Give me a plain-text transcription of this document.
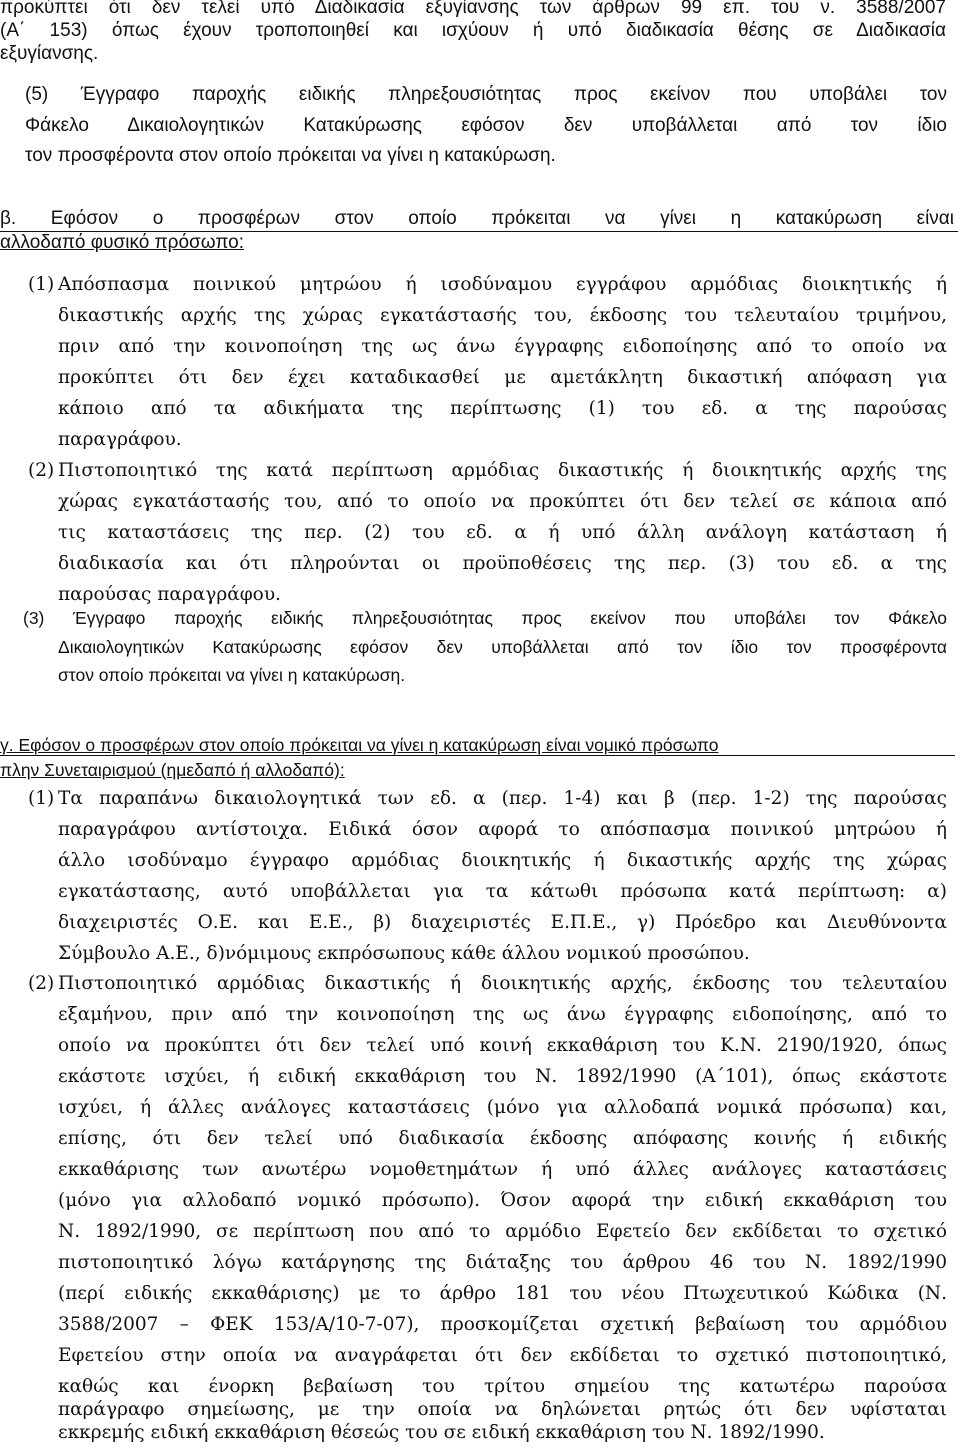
προκύπτει ότι δεν τελεί υπό Διαδικασία εξυγίανσης των άρθρων 99 επ. του ν. 3588/2007
(Α΄ 153) όπως έχουν τροποποιηθεί και ισχύουν ή υπό διαδικασία θέσης σε Διαδικασία
εξυγίανσης.
(5) Έγγραφο παροχής ειδικής πληρεξουσιότητας προς εκείνον που υποβάλει τον
Φάκελο Δικαιολογητικών Κατακύρωσης εφόσον δεν υποβάλλεται από τον ίδιο
τον προσφέροντα στον οποίο πρόκειται να γίνει η κατακύρωση.
β. Εφόσον ο προσφέρων στον οποίο πρόκειται να γίνει η κατακύρωση είναι
αλλοδαπό φυσικό πρόσωπο:
(1) Απόσπασμα ποινικού μητρώου ή ισοδύναμου εγγράφου αρμόδιας διοικητικής ή
δικαστικής αρχής της χώρας εγκατάστασής του, έκδοσης του τελευταίου τριμήνου,
πριν από την κοινοποίηση της ως άνω έγγραφης ειδοποίησης από το οποίο να
προκύπτει ότι δεν έχει καταδικασθεί με αμετάκλητη δικαστική απόφαση για
κάποιο από τα αδικήματα της περίπτωσης (1) του εδ. α της παρούσας
παραγράφου.
(2) Πιστοποιητικό της κατά περίπτωση αρμόδιας δικαστικής ή διοικητικής αρχής της
χώρας εγκατάστασής του, από το οποίο να προκύπτει ότι δεν τελεί σε κάποια από
τις καταστάσεις της περ. (2) του εδ. α ή υπό άλλη ανάλογη κατάσταση ή
διαδικασία και ότι πληρούνται οι προϋποθέσεις της περ. (3) του εδ. α της
παρούσας παραγράφου.
(3) Έγγραφο παροχής ειδικής πληρεξουσιότητας προς εκείνον που υποβάλει τον Φάκελο
Δικαιολογητικών Κατακύρωσης εφόσον δεν υποβάλλεται από τον ίδιο τον προσφέροντα
στον οποίο πρόκειται να γίνει η κατακύρωση.
γ. Εφόσον ο προσφέρων στον οποίο πρόκειται να γίνει η κατακύρωση είναι νομικό πρόσωπο
πλην Συνεταιρισμού (ημεδαπό ή αλλοδαπό):
(1) Τα παραπάνω δικαιολογητικά των εδ. α (περ. 1-4) και β (περ. 1-2) της παρούσας
παραγράφου αντίστοιχα. Ειδικά όσον αφορά το απόσπασμα ποινικού μητρώου ή
άλλο ισοδύναμο έγγραφο αρμόδιας διοικητικής ή δικαστικής αρχής της χώρας
εγκατάστασης, αυτό υποβάλλεται για τα κάτωθι πρόσωπα κατά περίπτωση: α)
διαχειριστές Ο.Ε. και Ε.Ε., β) διαχειριστές Ε.Π.Ε., γ) Πρόεδρο και Διευθύνοντα
Σύμβουλο Α.Ε., δ)νόμιμους εκπρόσωπους κάθε άλλου νομικού προσώπου.
(2) Πιστοποιητικό αρμόδιας δικαστικής ή διοικητικής αρχής, έκδοσης του τελευταίου
εξαμήνου, πριν από την κοινοποίηση της ως άνω έγγραφης ειδοποίησης, από το
οποίο να προκύπτει ότι δεν τελεί υπό κοινή εκκαθάριση του Κ.Ν. 2190/1920, όπως
εκάστοτε ισχύει, ή ειδική εκκαθάριση του Ν. 1892/1990 (Α΄101), όπως εκάστοτε
ισχύει, ή άλλες ανάλογες καταστάσεις (μόνο για αλλοδαπά νομικά πρόσωπα) και,
επίσης, ότι δεν τελεί υπό διαδικασία έκδοσης απόφασης κοινής ή ειδικής
εκκαθάρισης των ανωτέρω νομοθετημάτων ή υπό άλλες ανάλογες καταστάσεις
(μόνο για αλλοδαπό νομικό πρόσωπο). Όσον αφορά την ειδική εκκαθάριση του
Ν. 1892/1990, σε περίπτωση που από το αρμόδιο Εφετείο δεν εκδίδεται το σχετικό
πιστοποιητικό λόγω κατάργησης της διάταξης του άρθρου 46 του Ν. 1892/1990
(περί ειδικής εκκαθάρισης) με το άρθρο 181 του νέου Πτωχευτικού Κώδικα (Ν.
3588/2007 – ΦΕΚ 153/Α/10-7-07), προσκομίζεται σχετική βεβαίωση του αρμόδιου
Εφετείου στην οποία να αναγράφεται ότι δεν εκδίδεται το σχετικό πιστοποιητικό,
καθώς και ένορκη βεβαίωση του τρίτου σημείου της κατωτέρω παρούσα
παράγραφο σημείωσης, με την οποία να δηλώνεται ρητώς ότι δεν υφίσταται
εκκρεμής ειδική εκκαθάριση θέσεώς του σε ειδική εκκαθάριση του Ν. 1892/1990.
